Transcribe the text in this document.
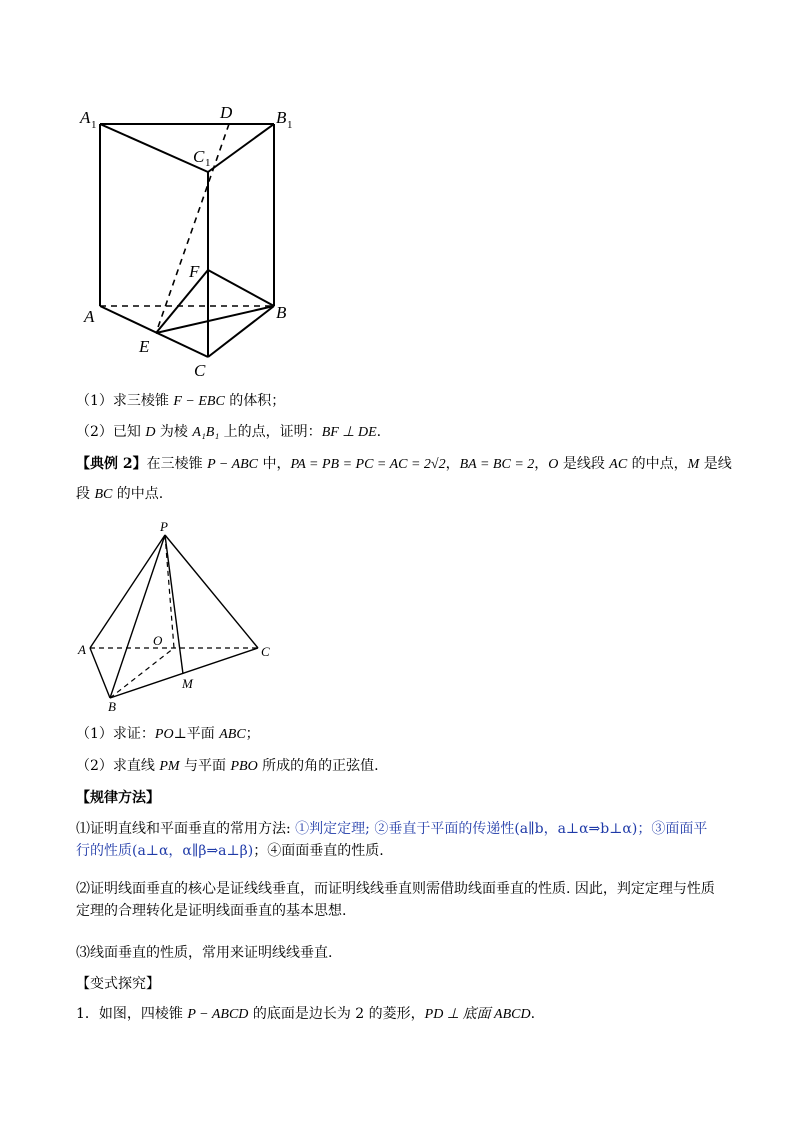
A 1
D	B 1
C 1
F
A	B
E
C
（1）求三棱锥 F − EBC 的体积；
（2）已知 D 为棱 A₁B₁ 上的点，证明：BF ⊥ DE.
【典例 2】在三棱锥 P − ABC 中，PA = PB = PC = AC = 2√2，BA = BC = 2，O 是线段 AC 的中点，M 是线
段 BC 的中点.
P
O
A	C
M
B
（1）求证：PO⊥平面 ABC；
（2）求直线 PM 与平面 PBO 所成的角的正弦值.
【规律方法】
⑴证明直线和平面垂直的常用方法: ①判定定理; ②垂直于平面的传递性(a∥b，a⊥α⇒b⊥α)；③面面平
行的性质(a⊥α，α∥β⇒a⊥β)；④面面垂直的性质.
⑵证明线面垂直的核心是证线线垂直，而证明线线垂直则需借助线面垂直的性质. 因此，判定定理与性质定理的合理转化是证明线面垂直的基本思想.
⑶线面垂直的性质，常用来证明线线垂直.
【变式探究】
1．如图，四棱锥 P − ABCD 的底面是边长为 2 的菱形，PD ⊥ 底面 ABCD.
